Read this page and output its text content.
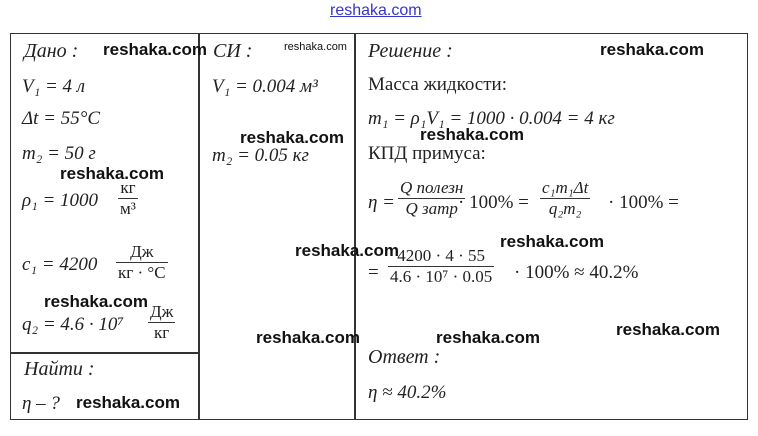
reshaka.com
Дано :
V₁ = 4 л
Δt = 55°C
m₂ = 50 г
ρ₁ = 1000
кг
м³
c₁ = 4200
Дж
кг · °C
q₂ = 4.6 · 10⁷
Дж
кг
Найти :
η – ?
СИ :
V₁ = 0.004 м³
m₂ = 0.05 кг
Решение :
Масса жидкости:
m₁ = ρ₁V₁ = 1000 · 0.004 = 4 кг
КПД примуса:
η =
Q полезн
Q затр · $100\% = \frac{\text{c₁m₁Δt}}{\text{q₂m₂}} \cdot 100\%$ =
= $\frac{4200 \cdot 4 \cdot 55}{\text{4.6 · 10⁷ · 0.05}} \cdot 100\% \approx 40.2\%$
Ответ :
η ≈ 40.2%
reshaka.com	reshaka.com	reshaka.com
reshaka.com	reshaka.com
reshaka.com
reshaka.com
reshaka.com
reshaka.com
reshaka.com
reshaka.com	reshaka.com
reshaka.com
